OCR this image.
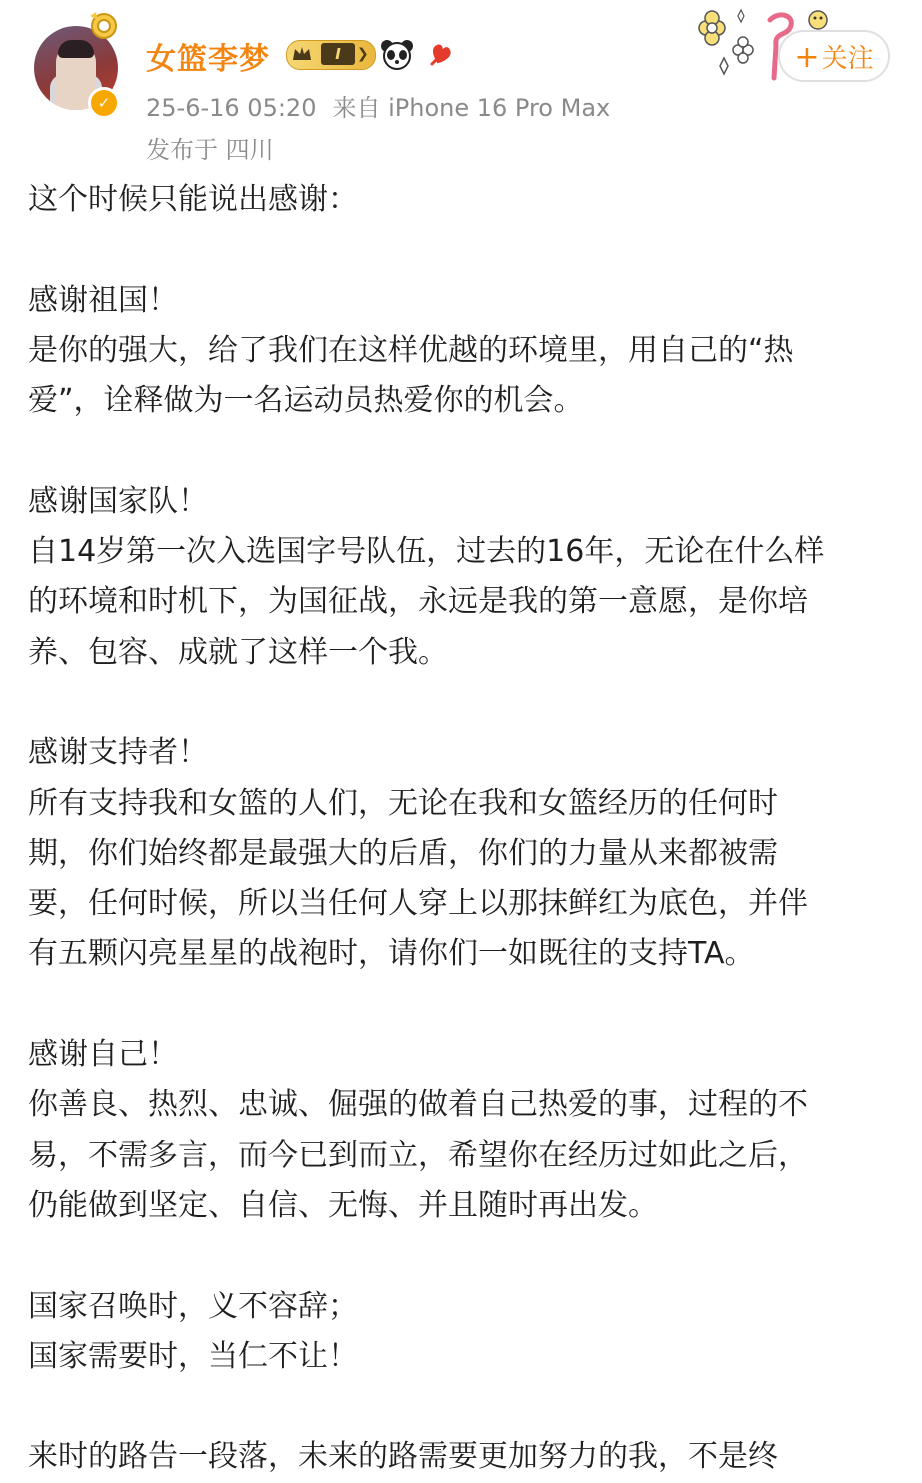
✓
女篮李梦	I	❯
25-6-16 05:20 来自 iPhone 16 Pro Max
发布于 四川
+关注

这个时候只能说出感谢：

感谢祖国！

是你的强大，给了我们在这样优越的环境里，用自己的“热

爱”，诠释做为一名运动员热爱你的机会。

感谢国家队！

自14岁第一次入选国字号队伍，过去的16年，无论在什么样

的环境和时机下，为国征战，永远是我的第一意愿，是你培

养、包容、成就了这样一个我。

感谢支持者！

所有支持我和女篮的人们，无论在我和女篮经历的任何时

期，你们始终都是最强大的后盾，你们的力量从来都被需

要，任何时候，所以当任何人穿上以那抹鲜红为底色，并伴

有五颗闪亮星星的战袍时，请你们一如既往的支持TA。

感谢自己！

你善良、热烈、忠诚、倔强的做着自己热爱的事，过程的不

易，不需多言，而今已到而立，希望你在经历过如此之后，

仍能做到坚定、自信、无悔、并且随时再出发。

国家召唤时，义不容辞；

国家需要时，当仁不让！

来时的路告一段落，未来的路需要更加努力的我，不是终
